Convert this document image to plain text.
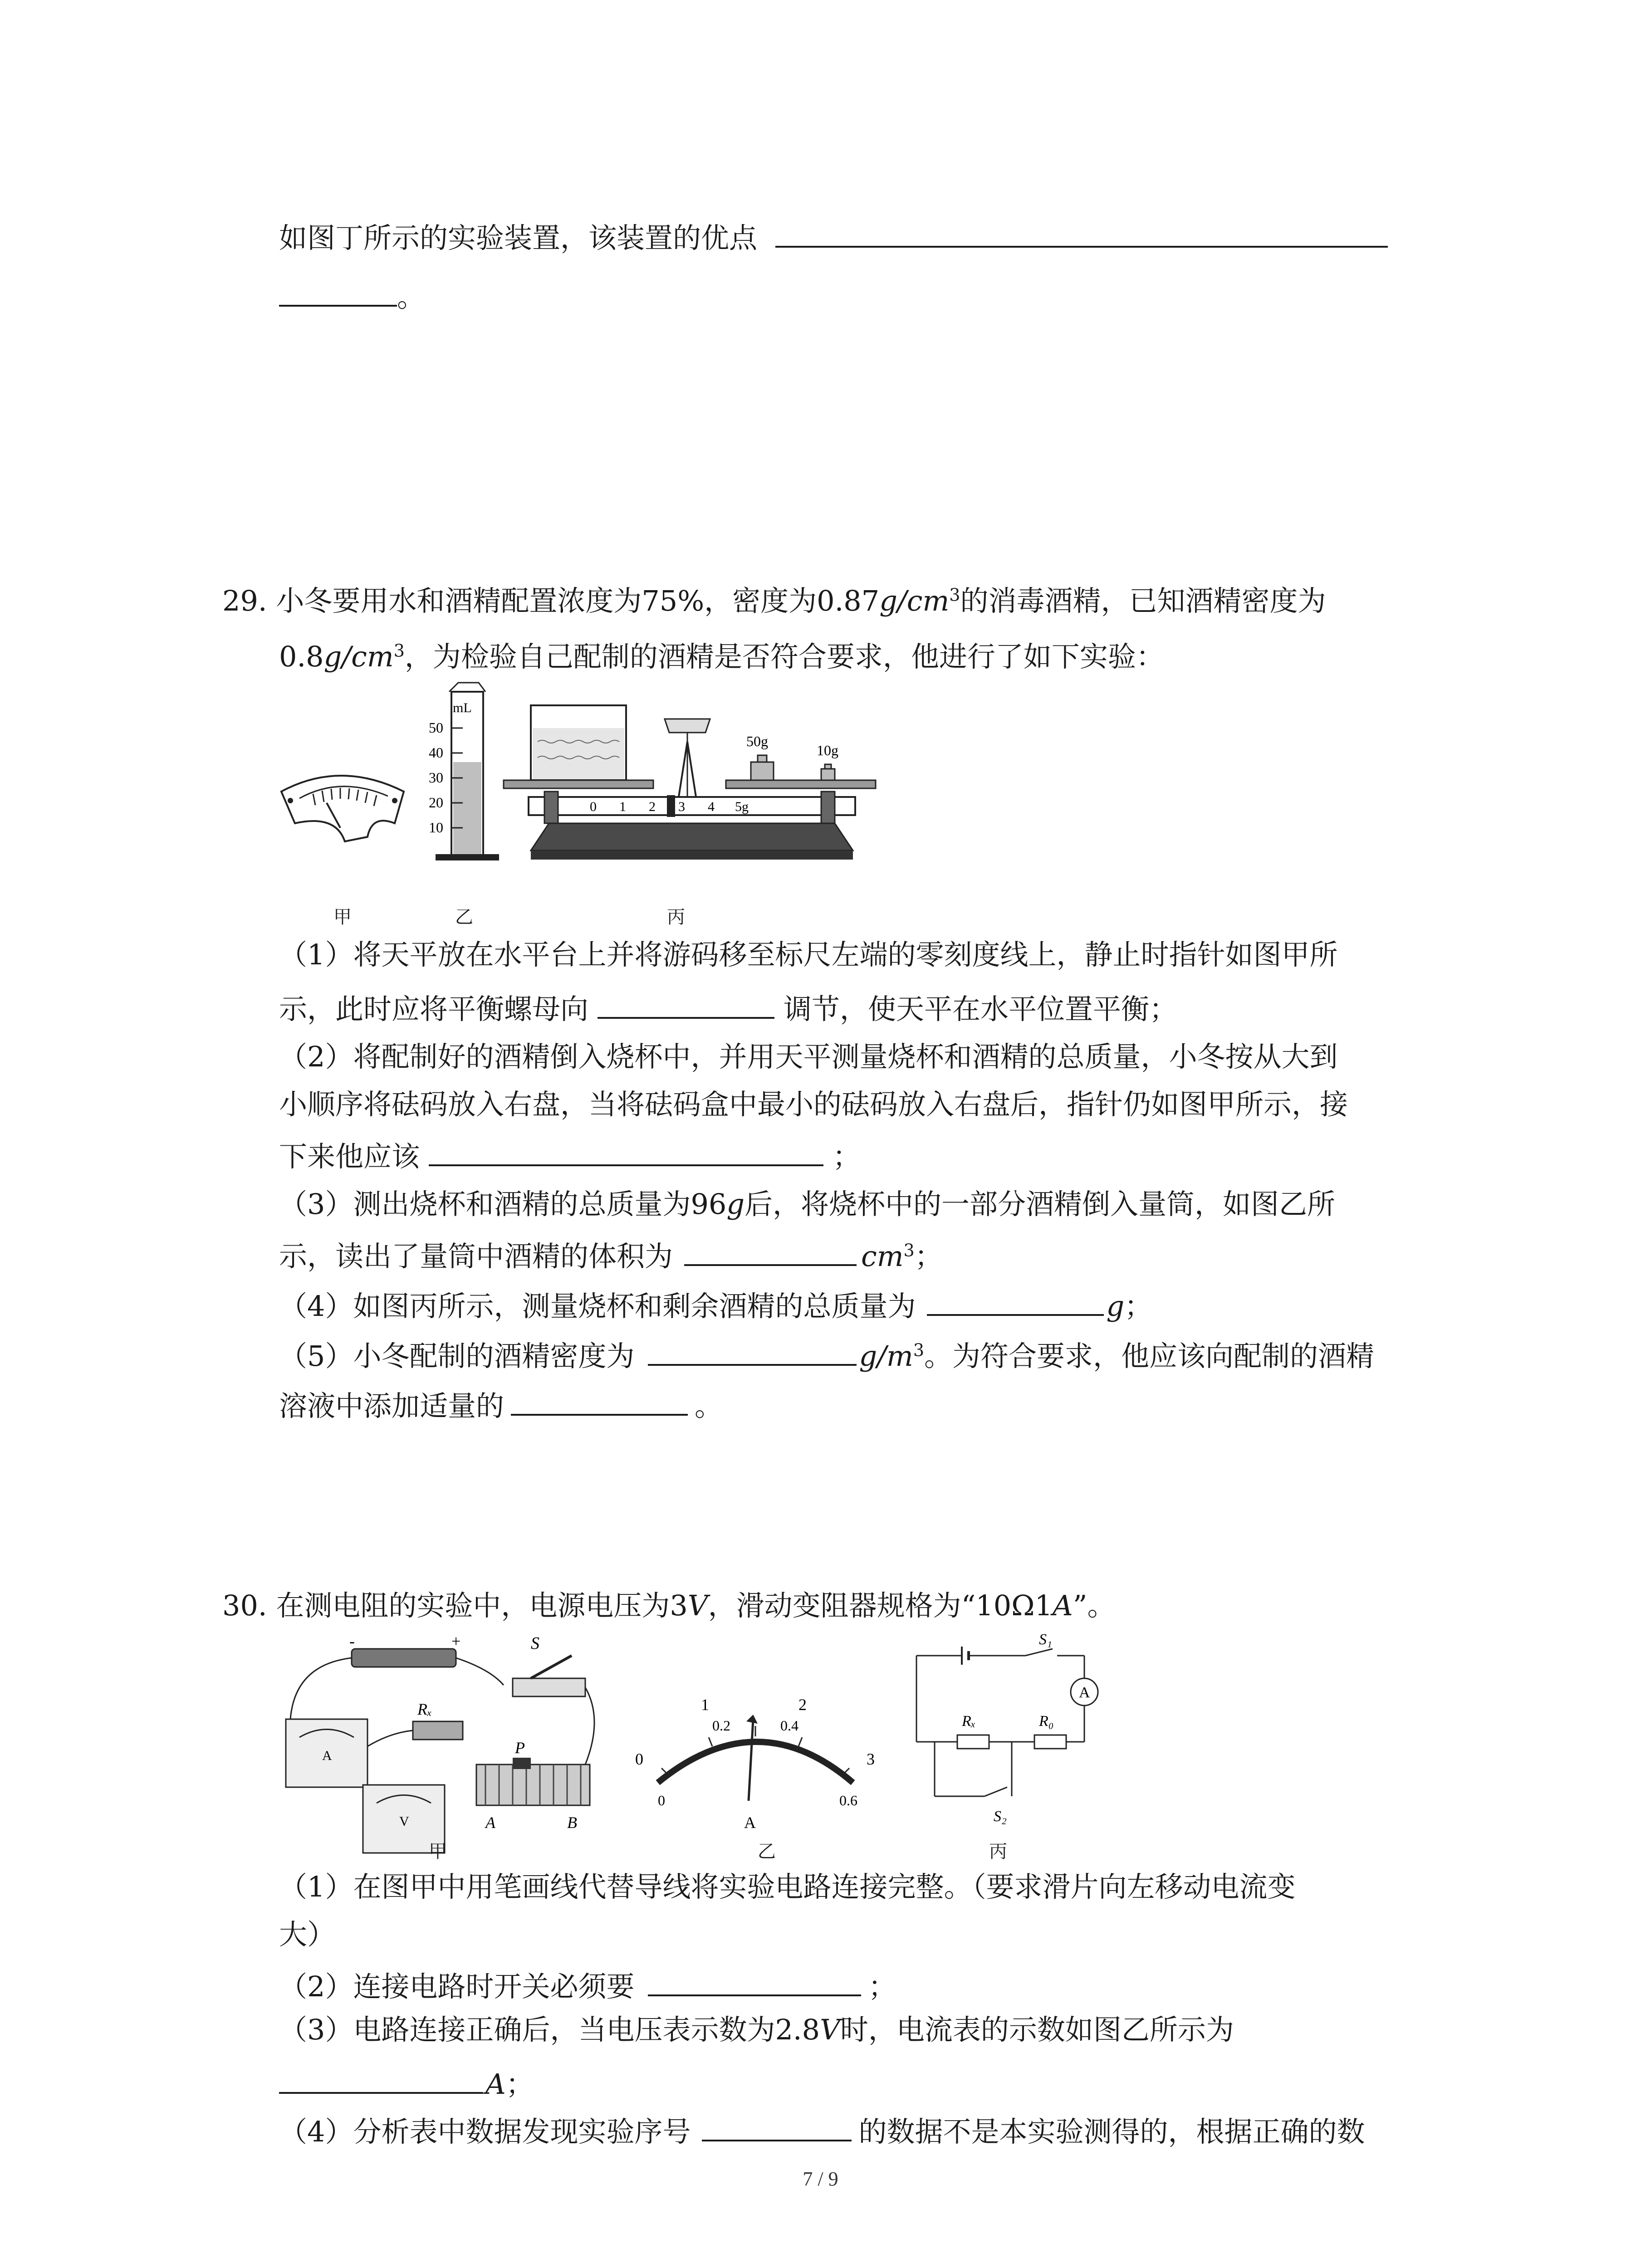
如图丁所示的实验装置，该装置的优点
。
29. 小冬要用水和酒精配置浓度为75%，密度为$0.87g/cm^3$的消毒酒精，已知酒精密度为
$0.8g/cm^3$，为检验自己配制的酒精是否符合要求，他进行了如下实验：
mL
50
40
30
20
10
50g
10g
0 1 2 3 4 5g
甲	乙	丙
（1）将天平放在水平台上并将游码移至标尺左端的零刻度线上，静止时指针如图甲所
示，此时应将平衡螺母向	调节，使天平在水平位置平衡；
（2）将配制好的酒精倒入烧杯中，并用天平测量烧杯和酒精的总质量，小冬按从大到
小顺序将砝码放入右盘，当将砝码盒中最小的砝码放入右盘后，指针仍如图甲所示，接
下来他应该	；
（3）测出烧杯和酒精的总质量为96g后，将烧杯中的一部分酒精倒入量筒，如图乙所
示，读出了量筒中酒精的体积为	$cm^3$；
（4）如图丙所示，测量烧杯和剩余酒精的总质量为	g；
（5）小冬配制的酒精密度为	$g/m^3$。为符合要求，他应该向配制的酒精
溶液中添加适量的	。
30. 在测电阻的实验中，电源电压为3V，滑动变阻器规格为“10Ω1A”。
-	+	S
A
Rₓ
V
P
A	B
0
1	2
3
0
0.2	0.4
0.6
A
S₁
S₂
Rₓ	R₀
A
甲	乙	丙
（1）在图甲中用笔画线代替导线将实验电路连接完整。（要求滑片向左移动电流变
大）
（2）连接电路时开关必须要	；
（3）电路连接正确后，当电压表示数为2.8V时，电流表的示数如图乙所示为
A；
（4）分析表中数据发现实验序号	的数据不是本实验测得的，根据正确的数
7 / 9
